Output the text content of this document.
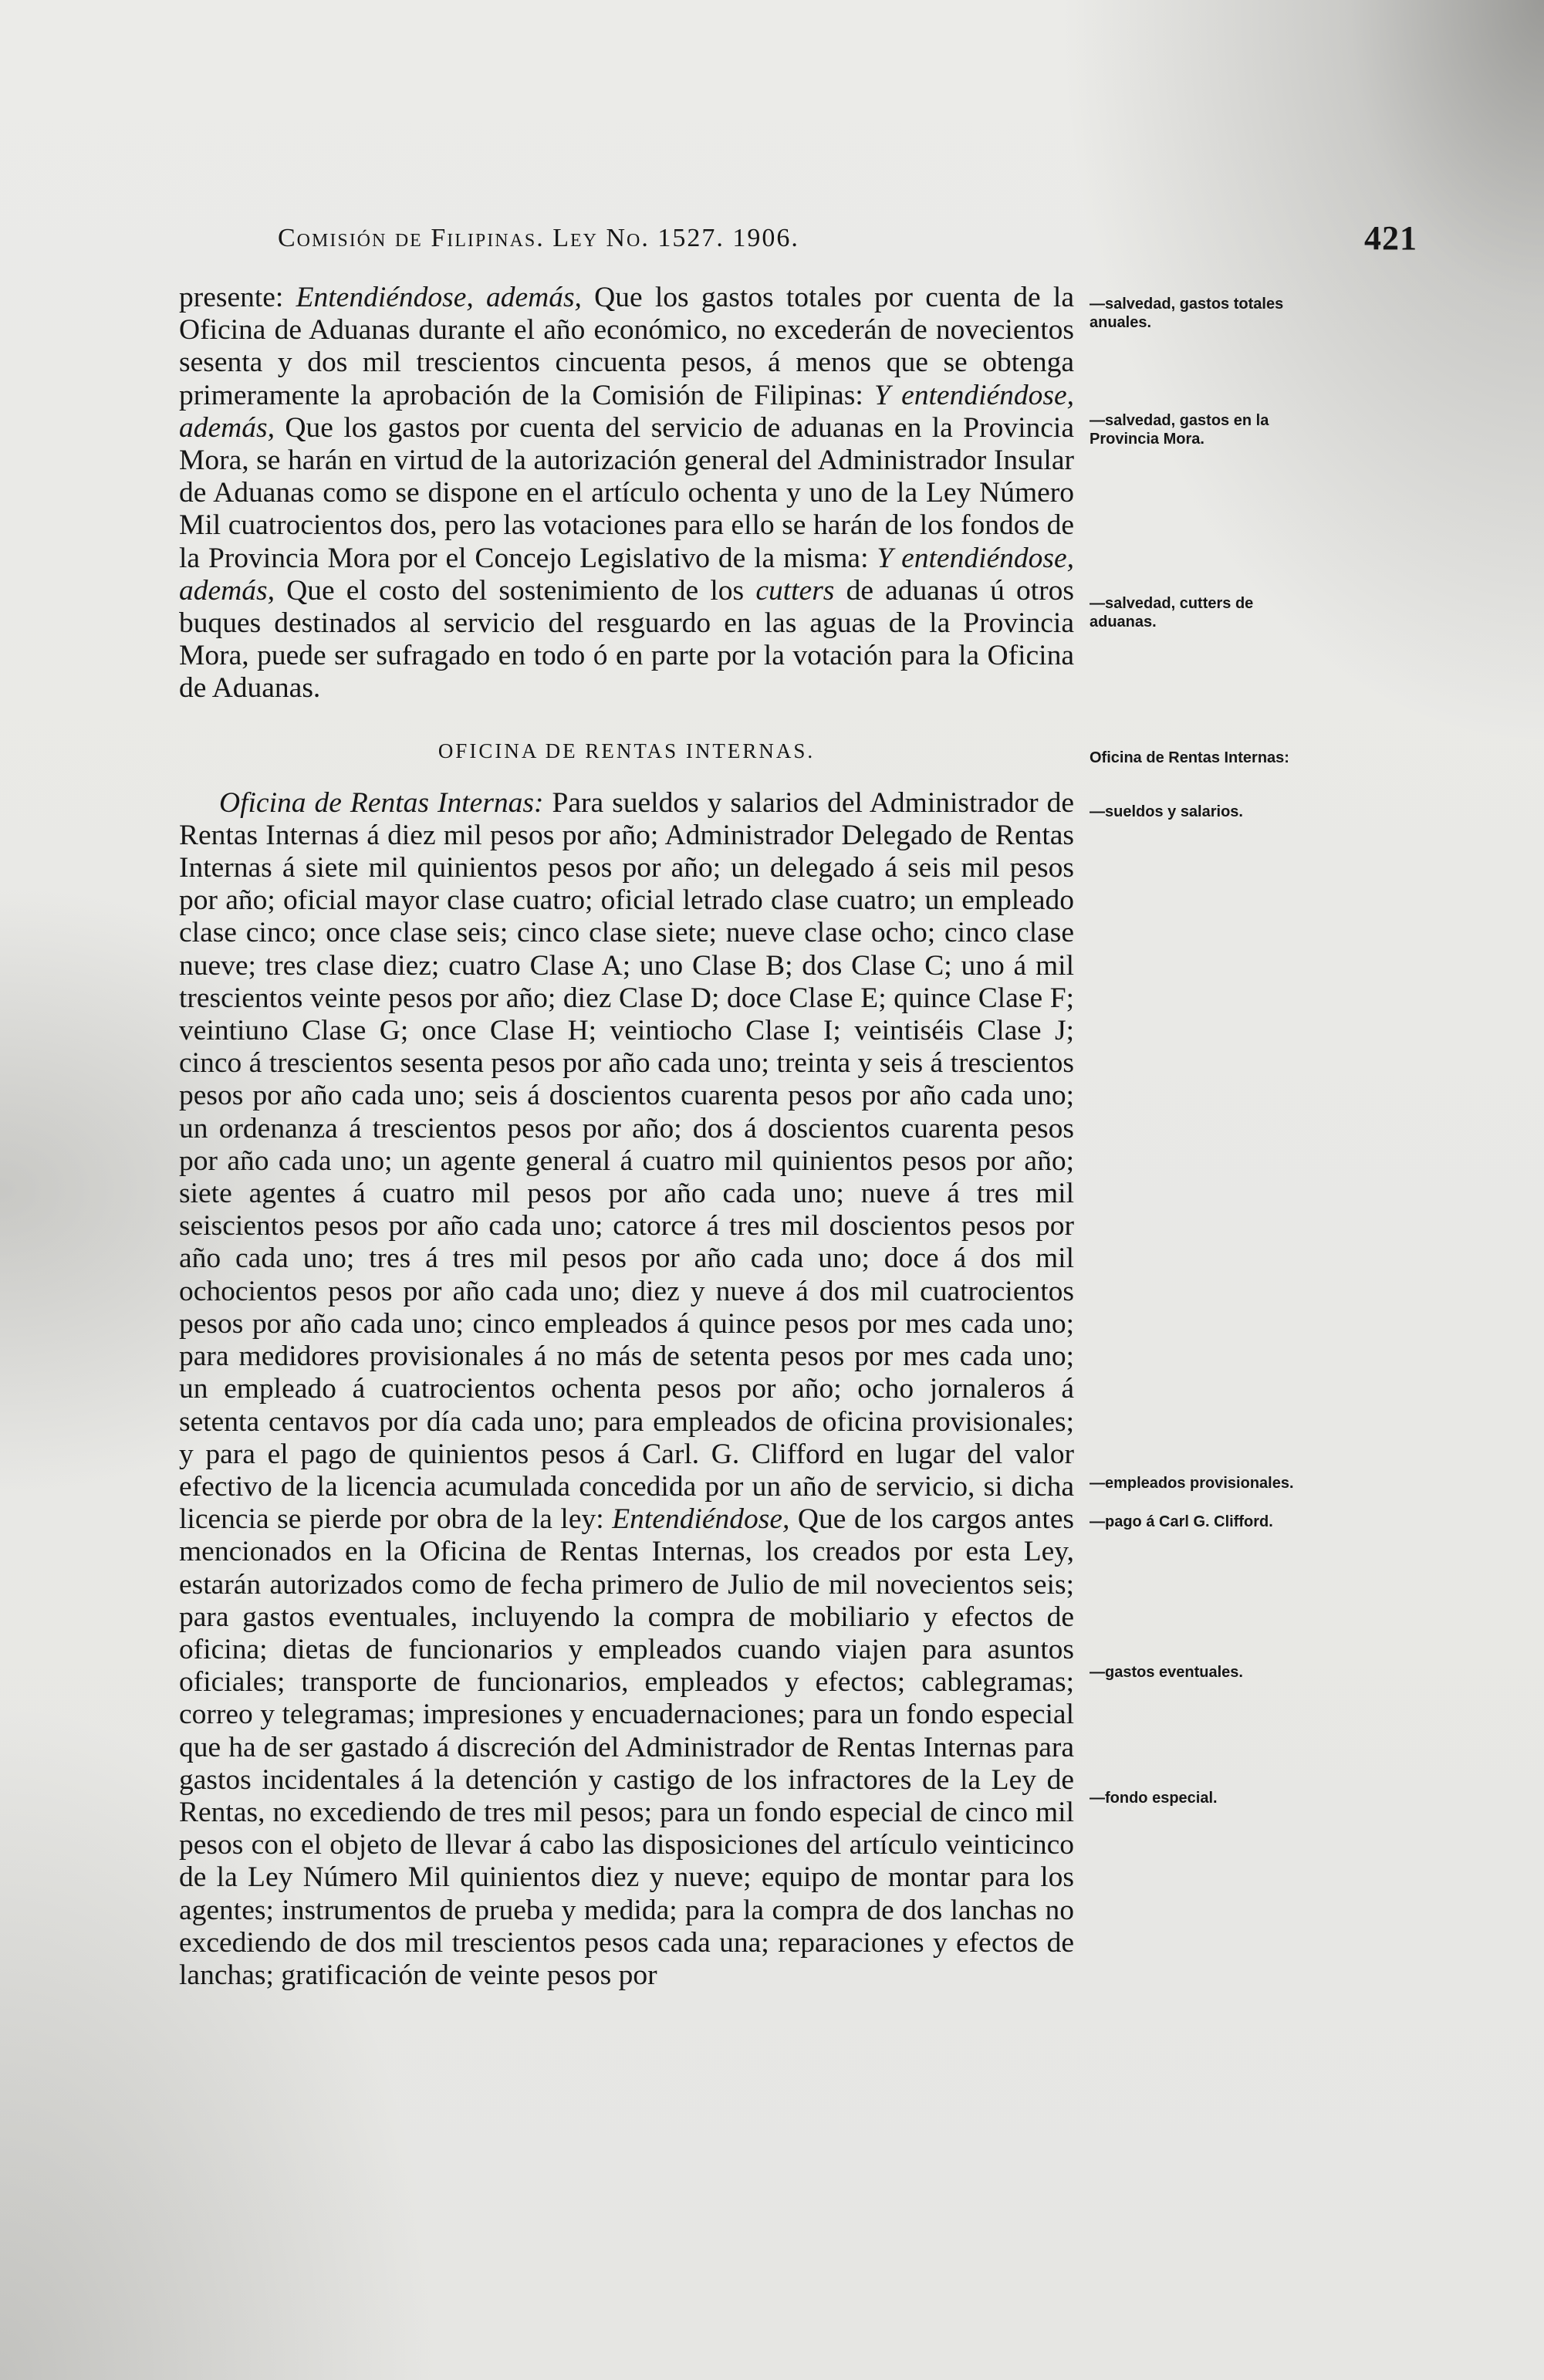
Comisión de Filipinas. Ley No. 1527. 1906.	421

presente: Entendiéndose, además, Que los gastos totales por cuenta de la Oficina de Aduanas durante el año económico, no excederán de novecientos sesenta y dos mil trescientos cincuenta pesos, á menos que se obtenga primeramente la aprobación de la Comisión de Filipinas: Y entendiéndose, además, Que los gastos por cuenta del servicio de aduanas en la Provincia Mora, se harán en virtud de la autorización general del Administrador Insular de Aduanas como se dispone en el artículo ochenta y uno de la Ley Número Mil cuatrocientos dos, pero las votaciones para ello se harán de los fondos de la Provincia Mora por el Concejo Legislativo de la misma: Y entendiéndose, además, Que el costo del sostenimiento de los cutters de aduanas ú otros buques destinados al servicio del resguardo en las aguas de la Provincia Mora, puede ser sufragado en todo ó en parte por la votación para la Oficina de Aduanas.

OFICINA DE RENTAS INTERNAS.

Oficina de Rentas Internas: Para sueldos y salarios del Administrador de Rentas Internas á diez mil pesos por año; Administrador Delegado de Rentas Internas á siete mil quinientos pesos por año; un delegado á seis mil pesos por año; oficial mayor clase cuatro; oficial letrado clase cuatro; un empleado clase cinco; once clase seis; cinco clase siete; nueve clase ocho; cinco clase nueve; tres clase diez; cuatro Clase A; uno Clase B; dos Clase C; uno á mil trescientos veinte pesos por año; diez Clase D; doce Clase E; quince Clase F; veintiuno Clase G; once Clase H; veintiocho Clase I; veintiséis Clase J; cinco á trescientos sesenta pesos por año cada uno; treinta y seis á trescientos pesos por año cada uno; seis á doscientos cuarenta pesos por año cada uno; un ordenanza á trescientos pesos por año; dos á doscientos cuarenta pesos por año cada uno; un agente general á cuatro mil quinientos pesos por año; siete agentes á cuatro mil pesos por año cada uno; nueve á tres mil seiscientos pesos por año cada uno; catorce á tres mil doscientos pesos por año cada uno; tres á tres mil pesos por año cada uno; doce á dos mil ochocientos pesos por año cada uno; diez y nueve á dos mil cuatrocientos pesos por año cada uno; cinco empleados á quince pesos por mes cada uno; para medidores provisionales á no más de setenta pesos por mes cada uno; un empleado á cuatrocientos ochenta pesos por año; ocho jornaleros á setenta centavos por día cada uno; para empleados de oficina provisionales; y para el pago de quinientos pesos á Carl. G. Clifford en lugar del valor efectivo de la licencia acumulada concedida por un año de servicio, si dicha licencia se pierde por obra de la ley: Entendiéndose, Que de los cargos antes mencionados en la Oficina de Rentas Internas, los creados por esta Ley, estarán autorizados como de fecha primero de Julio de mil novecientos seis; para gastos eventuales, incluyendo la compra de mobiliario y efectos de oficina; dietas de funcionarios y empleados cuando viajen para asuntos oficiales; transporte de funcionarios, empleados y efectos; cablegramas; correo y telegramas; impresiones y encuadernaciones; para un fondo especial que ha de ser gastado á discreción del Administrador de Rentas Internas para gastos incidentales á la detención y castigo de los infractores de la Ley de Rentas, no excediendo de tres mil pesos; para un fondo especial de cinco mil pesos con el objeto de llevar á cabo las disposiciones del artículo veinticinco de la Ley Número Mil quinientos diez y nueve; equipo de montar para los agentes; instrumentos de prueba y medida; para la compra de dos lanchas no excediendo de dos mil trescientos pesos cada una; reparaciones y efectos de lanchas; gratificación de veinte pesos por

—salvedad, gastos totales anuales.
—salvedad, gastos en la Provincia Mora.
—salvedad, cutters de aduanas.
Oficina de Rentas Internas:
—sueldos y salarios.
—empleados provisionales.
—pago á Carl G. Clifford.
—gastos eventuales.
—fondo especial.
